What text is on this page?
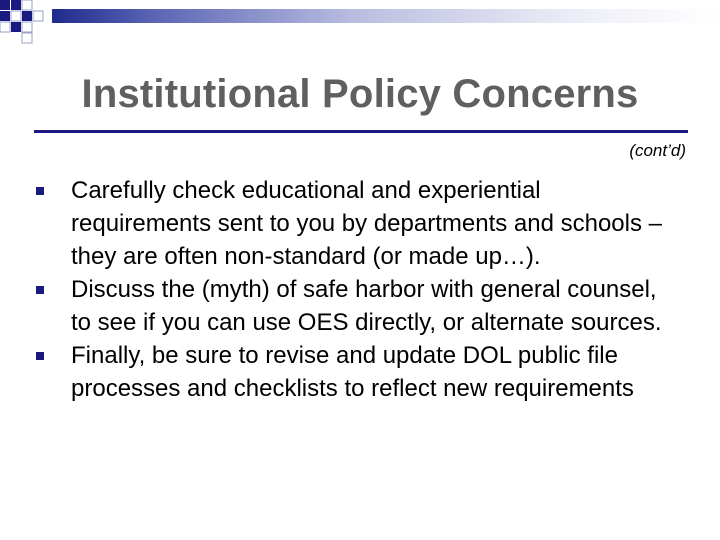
Institutional Policy Concerns
(cont’d)
Carefully check educational and experiential requirements sent to you by departments and schools – they are often non-standard (or made up…).
Discuss the (myth) of safe harbor with general counsel, to see if you can use OES directly, or alternate sources.
Finally, be sure to revise and update DOL public file processes and checklists to reflect new requirements
